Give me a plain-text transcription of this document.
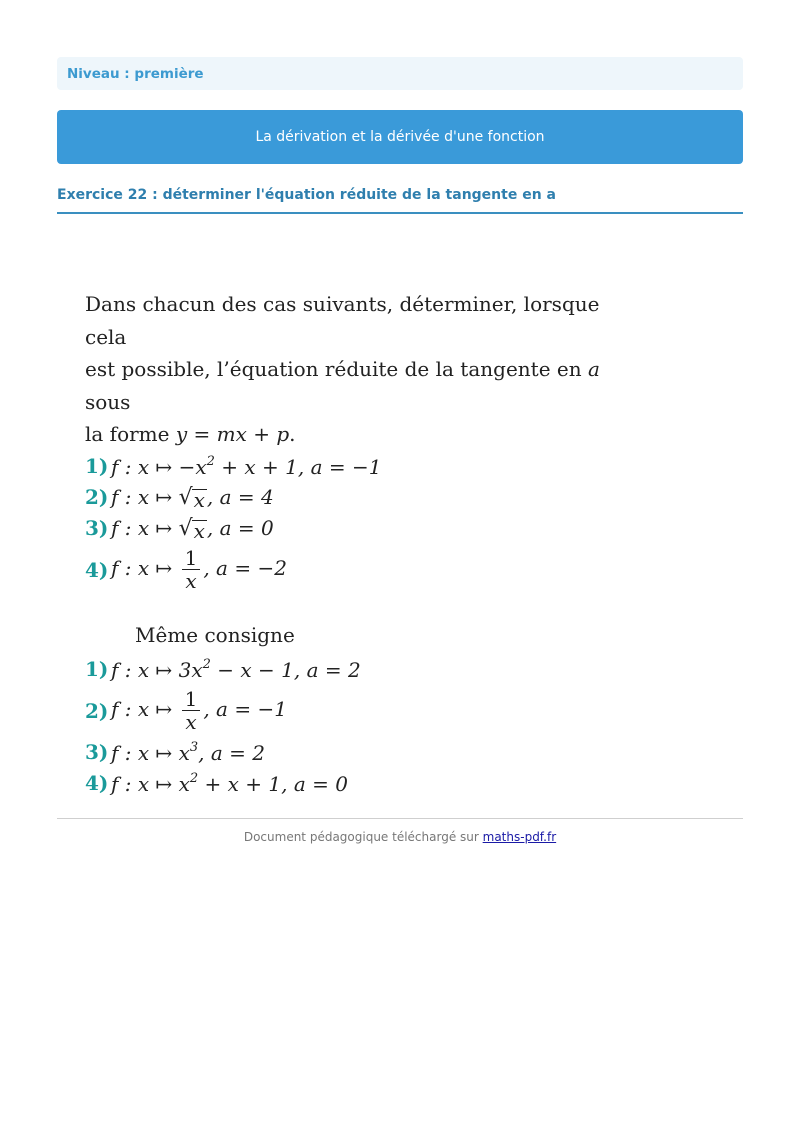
Niveau : première
La dérivation et la dérivée d'une fonction
Exercice 22 : déterminer l'équation réduite de la tangente en a

Dans chacun des cas suivants, déterminer, lorsque cela
est possible, l’équation réduite de la tangente en a sous
la forme y = mx + p.

1) f : x ↦ $-x^2 + x + 1$, a = −1
2) f : x ↦ √ x , a = 4
3) f : x ↦ √ x , a = 0
4) f : x ↦ $\frac{1}{x}$ , a = −2
Même consigne
1) f : x ↦ $3x^2 - x - 1$, a = 2
2) f : x ↦ $\frac{1}{x}$ , a = −1
3) f : x ↦ $x^3$, a = 2
4) f : x ↦ $x^2 + x + 1$, a = 0
Document pédagogique téléchargé sur maths-pdf.fr
